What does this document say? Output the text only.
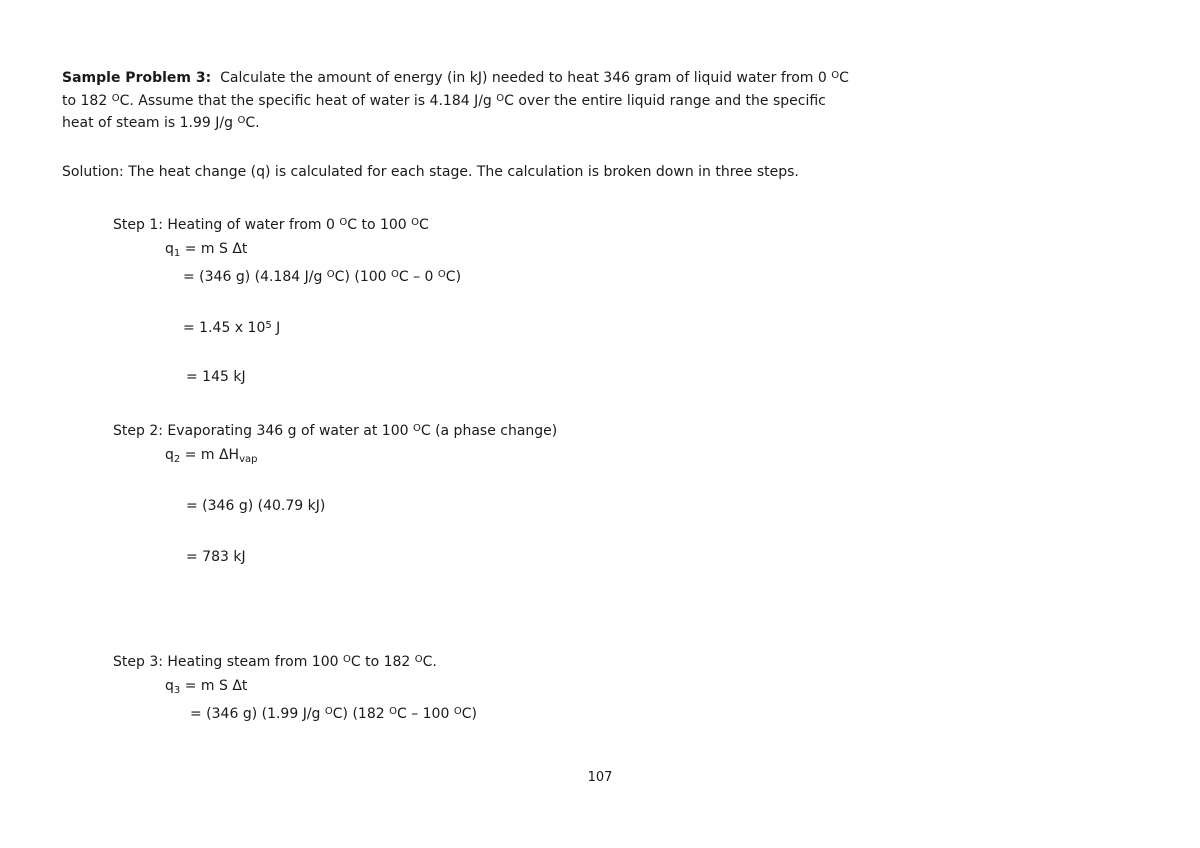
Sample Problem 3: Calculate the amount of energy (in kJ) needed to heat 346 gram of liquid water from 0 $^O$C
to 182 $^O$C. Assume that the specific heat of water is 4.184 J/g $^O$C over the entire liquid range and the specific
heat of steam is 1.99 J/g $^O$C.
Solution: The heat change (q) is calculated for each stage. The calculation is broken down in three steps.
Step 1: Heating of water from 0 $^O$C to 100 $^O$C
$q_1 = m$ S Δt
= (346 g) (4.184 J/g $^O$C) (100 $^O$C – 0 $^O$C)
= 1.45 x $10^5$ J
= 145 kJ
Step 2: Evaporating 346 g of water at 100 $^O$C (a phase change)
$q_2 = m$ $\Delta H_{vap}$
= (346 g) (40.79 kJ)
= 783 kJ
Step 3: Heating steam from 100 $^O$C to 182 $^O$C.
$q_3 = m$ S Δt
= (346 g) (1.99 J/g $^O$C) (182 $^O$C – 100 $^O$C)
107
